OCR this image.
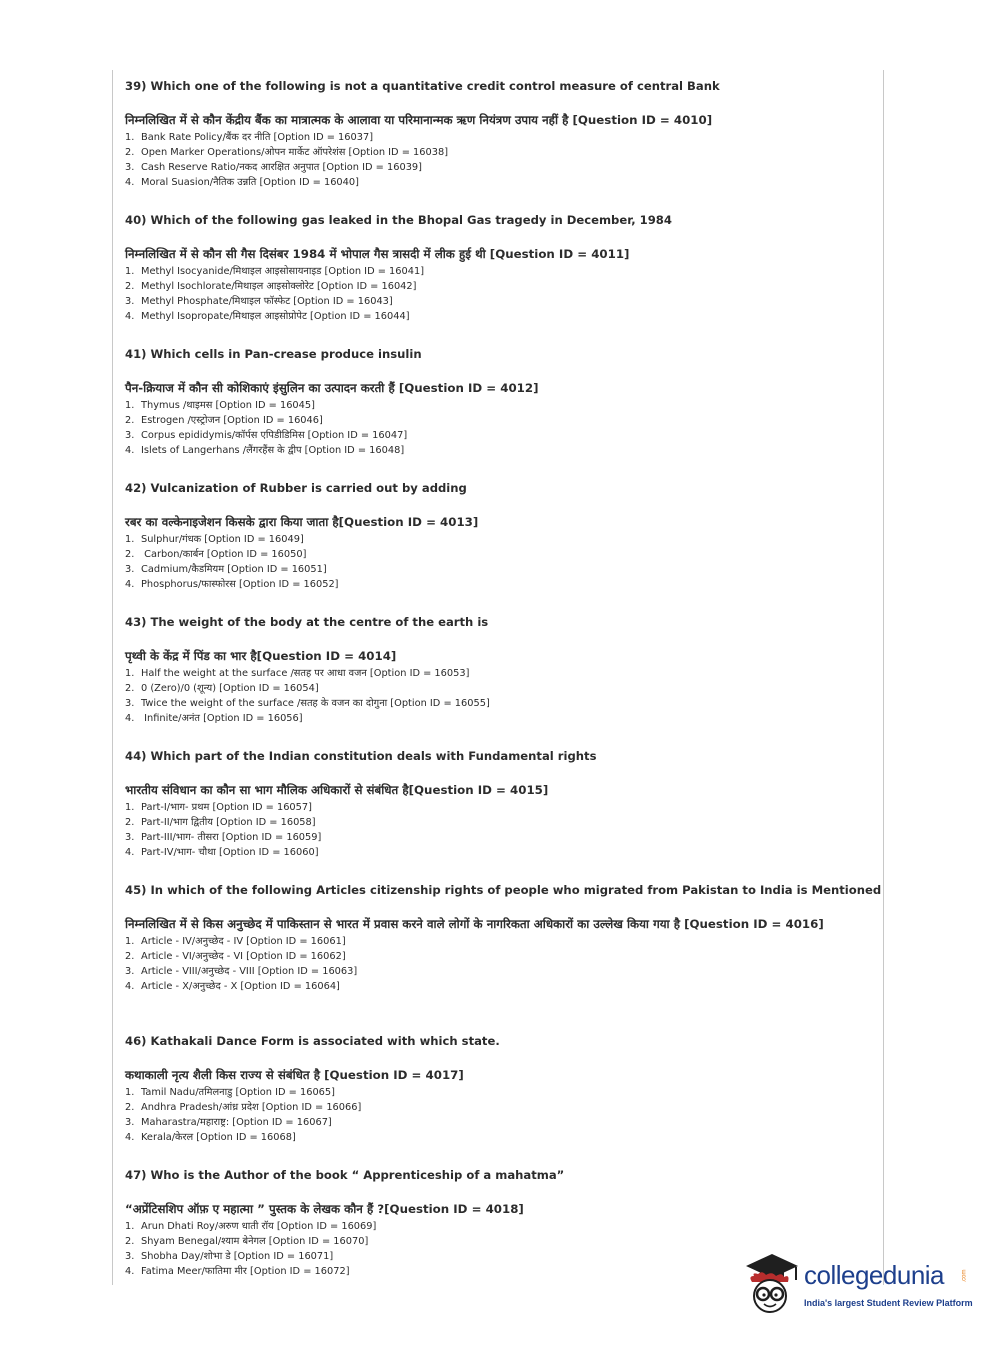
39) Which one of the following is not a quantitative credit control measure of central Bank

निम्नलिखित में से कौन केंद्रीय बैंक का मात्रात्मक के आलावा या परिमानान्मक ऋण नियंत्रण उपाय नहीं है [Question ID = 4010]
1. Bank Rate Policy/बैंक दर नीति [Option ID = 16037]
2. Open Marker Operations/ओपन मार्केट ऑपरेशंस [Option ID = 16038]
3. Cash Reserve Ratio/नकद आरक्षित अनुपात [Option ID = 16039]
4. Moral Suasion/नैतिक उन्नति [Option ID = 16040]

40) Which of the following gas leaked in the Bhopal Gas tragedy in December, 1984

निम्नलिखित में से कौन सी गैस दिसंबर 1984 में भोपाल गैस त्रासदी में लीक हुई थी [Question ID = 4011]
1. Methyl Isocyanide/मिथाइल आइसोसायनाइड [Option ID = 16041]
2. Methyl Isochlorate/मिथाइल आइसोक्लोरेट [Option ID = 16042]
3. Methyl Phosphate/मिथाइल फॉस्फेट [Option ID = 16043]
4. Methyl Isopropate/मिथाइल आइसोप्रोपेट [Option ID = 16044]

41) Which cells in Pan-crease produce insulin

पैन-क्रियाज में कौन सी कोशिकाएं इंसुलिन का उत्पादन करती हैं [Question ID = 4012]
1. Thymus /थाइमस [Option ID = 16045]
2. Estrogen /एस्ट्रोजन [Option ID = 16046]
3. Corpus epididymis/कॉर्पस एपिडीडिमिस [Option ID = 16047]
4. Islets of Langerhans /लैंगरहैंस के द्वीप [Option ID = 16048]

42) Vulcanization of Rubber is carried out by adding

रबर का वल्केनाइजेशन किसके द्वारा किया जाता है[Question ID = 4013]
1. Sulphur/गंधक [Option ID = 16049]
2. Carbon/कार्बन [Option ID = 16050]
3. Cadmium/कैडमियम [Option ID = 16051]
4. Phosphorus/फास्फोरस [Option ID = 16052]

43) The weight of the body at the centre of the earth is

पृथ्वी के केंद्र में पिंड का भार है[Question ID = 4014]
1. Half the weight at the surface /सतह पर आधा वजन [Option ID = 16053]
2. 0 (Zero)/0 (शून्य) [Option ID = 16054]
3. Twice the weight of the surface /सतह के वजन का दोगुना [Option ID = 16055]
4. Infinite/अनंत [Option ID = 16056]

44) Which part of the Indian constitution deals with Fundamental rights

भारतीय संविधान का कौन सा भाग मौलिक अधिकारों से संबंधित है[Question ID = 4015]
1. Part-I/भाग- प्रथम [Option ID = 16057]
2. Part-II/भाग द्वितीय [Option ID = 16058]
3. Part-III/भाग- तीसरा [Option ID = 16059]
4. Part-IV/भाग- चौथा [Option ID = 16060]

45) In which of the following Articles citizenship rights of people who migrated from Pakistan to India is Mentioned

निम्नलिखित में से किस अनुच्छेद में पाकिस्तान से भारत में प्रवास करने वाले लोगों के नागरिकता अधिकारों का उल्लेख किया गया है [Question ID = 4016]
1. Article - IV/अनुच्छेद - IV [Option ID = 16061]
2. Article - VI/अनुच्छेद - VI [Option ID = 16062]
3. Article - VIII/अनुच्छेद - VIII [Option ID = 16063]
4. Article - X/अनुच्छेद - X [Option ID = 16064]

46) Kathakali Dance Form is associated with which state.

कथाकाली नृत्य शैली किस राज्य से संबंधित है [Question ID = 4017]
1. Tamil Nadu/तमिलनाडु [Option ID = 16065]
2. Andhra Pradesh/आंध्र प्रदेश [Option ID = 16066]
3. Maharastra/महाराष्ट्र: [Option ID = 16067]
4. Kerala/केरल [Option ID = 16068]

47) Who is the Author of the book “ Apprenticeship of a mahatma”

“अप्रेंटिसशिप ऑफ़ ए महात्मा ” पुस्तक के लेखक कौन हैं ?[Question ID = 4018]
1. Arun Dhati Roy/अरुण धाती रॉय [Option ID = 16069]
2. Shyam Benegal/श्याम बेनेगल [Option ID = 16070]
3. Shobha Day/शोभा डे [Option ID = 16071]
4. Fatima Meer/फातिमा मीर [Option ID = 16072]	collegedunia	.com
India's largest Student Review Platform
